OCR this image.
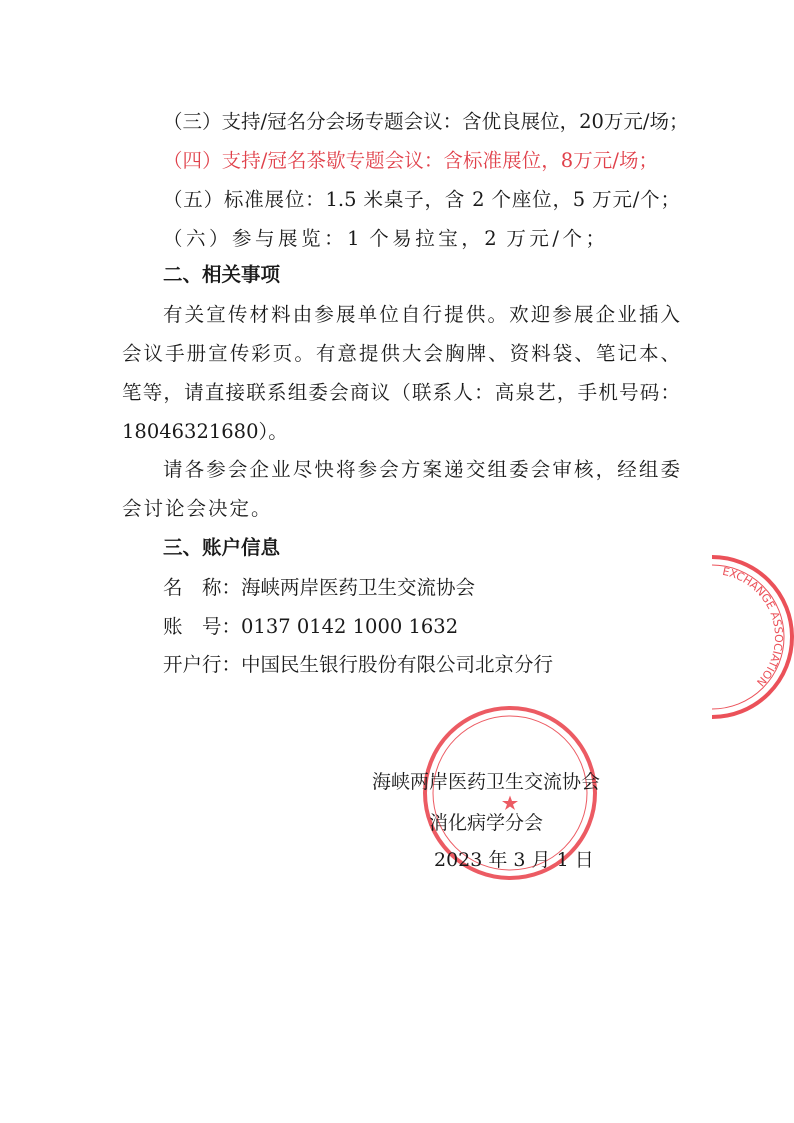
EXCHANGE ASSOCIATION
（三）支持/冠名分会场专题会议：含优良展位，20万元/场；
（四）支持/冠名茶歇专题会议：含标准展位，8万元/场；
（五）标准展位：1.5 米桌子，含 2 个座位，5 万元/个；
（六）参与展览：1 个易拉宝，2 万元/个；
二、相关事项
有关宣传材料由参展单位自行提供。欢迎参展企业插入
会议手册宣传彩页。有意提供大会胸牌、资料袋、笔记本、
笔等，请直接联系组委会商议（联系人：高泉艺，手机号码：
18046321680）。
请各参会企业尽快将参会方案递交组委会审核，经组委
会讨论会决定。
三、账户信息
名　称：海峡两岸医药卫生交流协会
账　号：0137 0142 1000 1632
开户行：中国民生银行股份有限公司北京分行
海峡两岸医药卫生交流协会
消化病学分会
2023 年 3 月 1 日
